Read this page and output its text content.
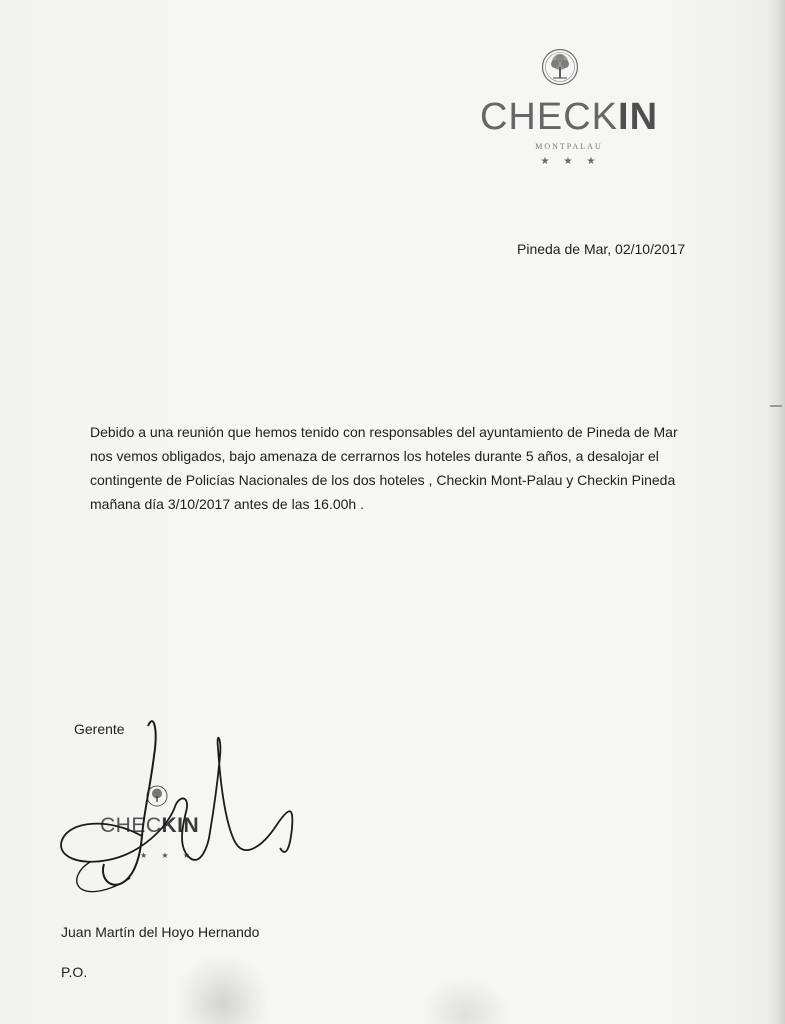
CHECKIN
MONTPALAU
★★★
Pineda de Mar, 02/10/2017
Debido a una reunión que hemos tenido con responsables del ayuntamiento de Pineda de Mar
nos vemos obligados, bajo amenaza de cerrarnos los hoteles durante 5 años, a desalojar el
contingente de Policías Nacionales de los dos hoteles , Checkin Mont-Palau y Checkin Pineda
mañana día 3/10/2017 antes de las 16.00h .
Gerente
CHECKIN
★ ★ ★
Juan Martín del Hoyo Hernando
P.O.
